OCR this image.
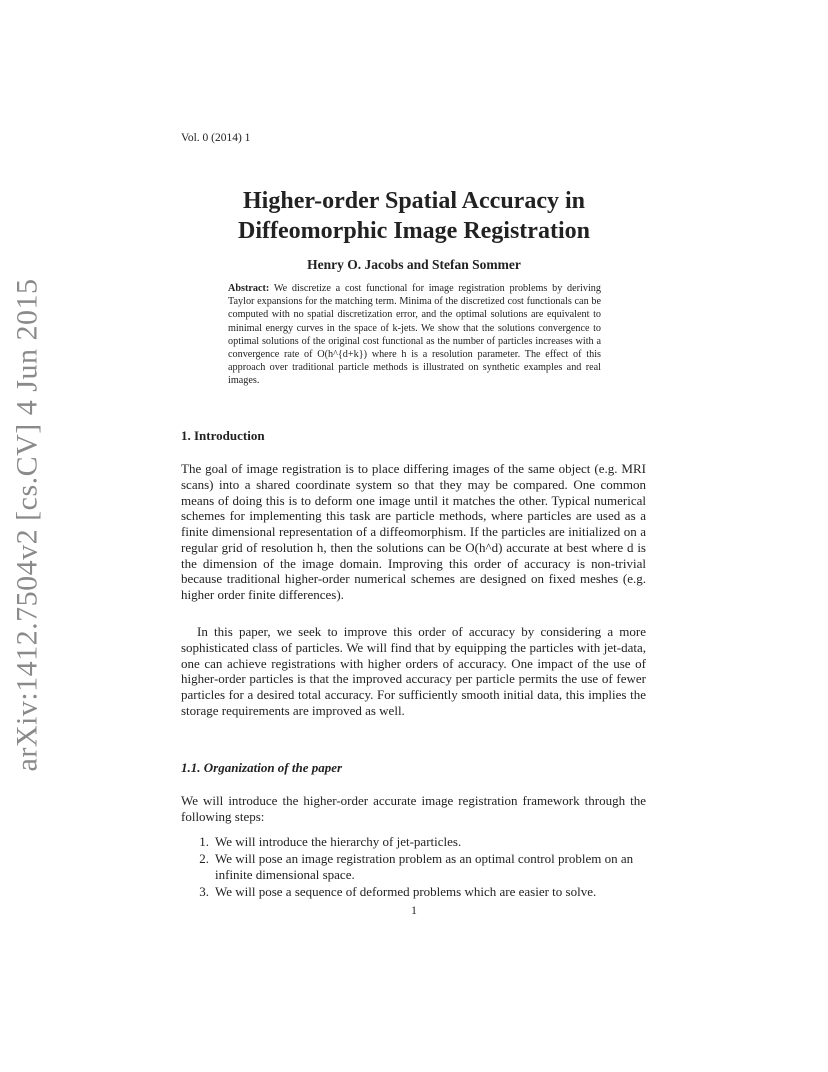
arXiv:1412.7504v2 [cs.CV] 4 Jun 2015
Vol. 0 (2014) 1
Higher-order Spatial Accuracy in
Diffeomorphic Image Registration
Henry O. Jacobs and Stefan Sommer
Abstract: We discretize a cost functional for image registration problems by deriving Taylor expansions for the matching term. Minima of the discretized cost functionals can be computed with no spatial discretization error, and the optimal solutions are equivalent to minimal energy curves in the space of k-jets. We show that the solutions convergence to optimal solutions of the original cost functional as the number of particles increases with a convergence rate of O(h^{d+k}) where h is a resolution parameter. The effect of this approach over traditional particle methods is illustrated on synthetic examples and real images.
1. Introduction

The goal of image registration is to place differing images of the same object (e.g. MRI scans) into a shared coordinate system so that they may be compared. One common means of doing this is to deform one image until it matches the other. Typical numerical schemes for implementing this task are particle methods, where particles are used as a finite dimensional representation of a diffeomorphism. If the particles are initialized on a regular grid of resolution h, then the solutions can be O(h^d) accurate at best where d is the dimension of the image domain. Improving this order of accuracy is non-trivial because traditional higher-order numerical schemes are designed on fixed meshes (e.g. higher order finite differences).

In this paper, we seek to improve this order of accuracy by considering a more sophisticated class of particles. We will find that by equipping the particles with jet-data, one can achieve registrations with higher orders of accuracy. One impact of the use of higher-order particles is that the improved accuracy per particle permits the use of fewer particles for a desired total accuracy. For sufficiently smooth initial data, this implies the storage requirements are improved as well.

1.1. Organization of the paper

We will introduce the higher-order accurate image registration framework through the following steps:

1. We will introduce the hierarchy of jet-particles.
2. We will pose an image registration problem as an optimal control problem on an infinite dimensional space.
3. We will pose a sequence of deformed problems which are easier to solve.
1
